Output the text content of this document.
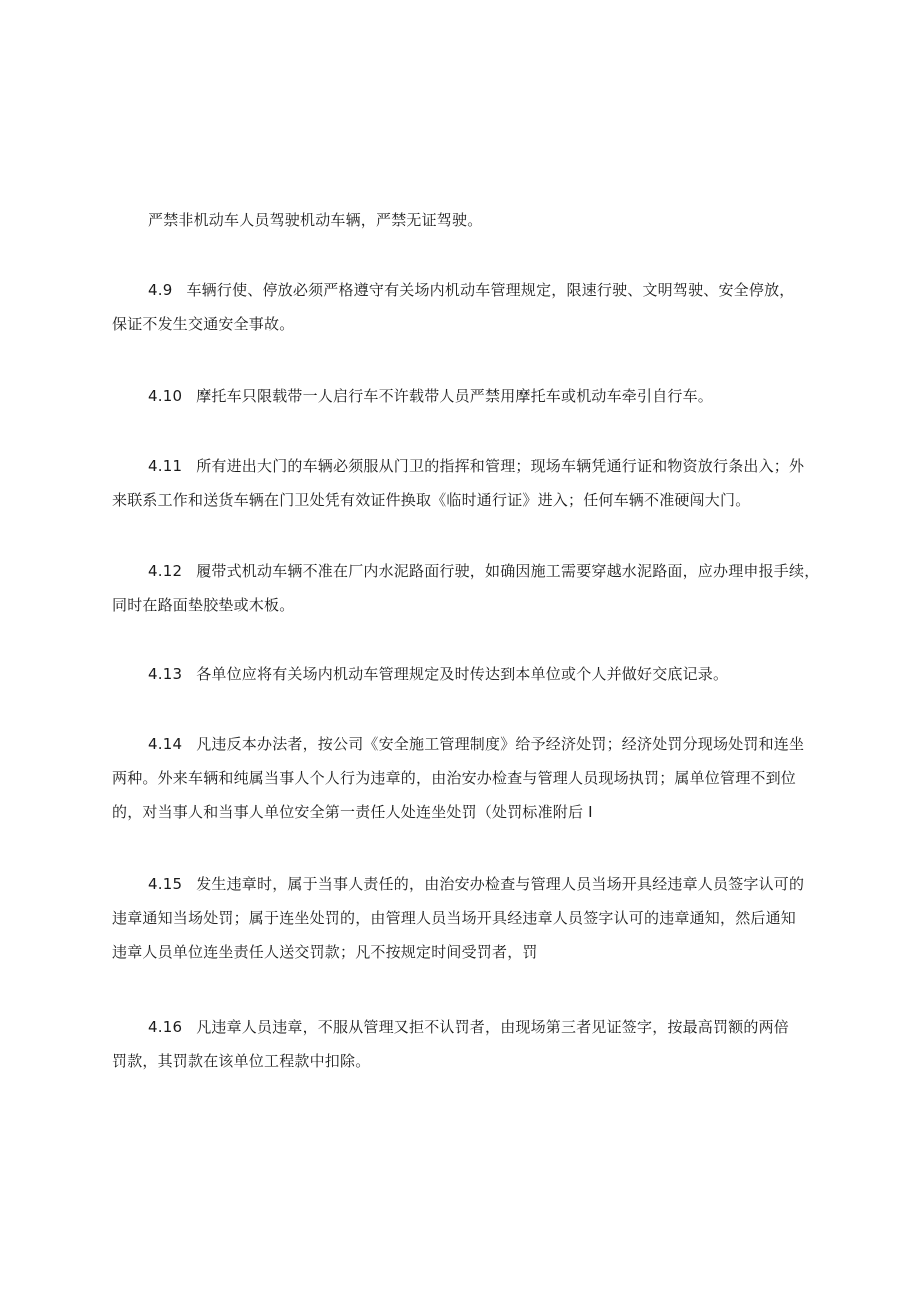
严禁非机动车人员驾驶机动车辆，严禁无证驾驶。

4.9 车辆行使、停放必须严格遵守有关场内机动车管理规定，限速行驶、文明驾驶、安全停放，
保证不发生交通安全事故。

4.10 摩托车只限载带一人启行车不许载带人员严禁用摩托车或机动车牵引自行车。

4.11 所有进出大门的车辆必须服从门卫的指挥和管理；现场车辆凭通行证和物资放行条出入；外
来联系工作和送货车辆在门卫处凭有效证件换取《临时通行证》进入；任何车辆不准硬闯大门。

4.12 履带式机动车辆不准在厂内水泥路面行驶，如确因施工需要穿越水泥路面，应办理申报手续，
同时在路面垫胶垫或木板。

4.13 各单位应将有关场内机动车管理规定及时传达到本单位或个人并做好交底记录。

4.14 凡违反本办法者，按公司《安全施工管理制度》给予经济处罚；经济处罚分现场处罚和连坐
两种。外来车辆和纯属当事人个人行为违章的，由治安办检查与管理人员现场执罚；属单位管理不到位
的，对当事人和当事人单位安全第一责任人处连坐处罚（处罚标准附后 I

4.15 发生违章时，属于当事人责任的，由治安办检查与管理人员当场开具经违章人员签字认可的
违章通知当场处罚；属于连坐处罚的，由管理人员当场开具经违章人员签字认可的违章通知，然后通知
违章人员单位连坐责任人送交罚款；凡不按规定时间受罚者，罚

4.16 凡违章人员违章，不服从管理又拒不认罚者，由现场第三者见证签字，按最高罚额的两倍
罚款，其罚款在该单位工程款中扣除。
